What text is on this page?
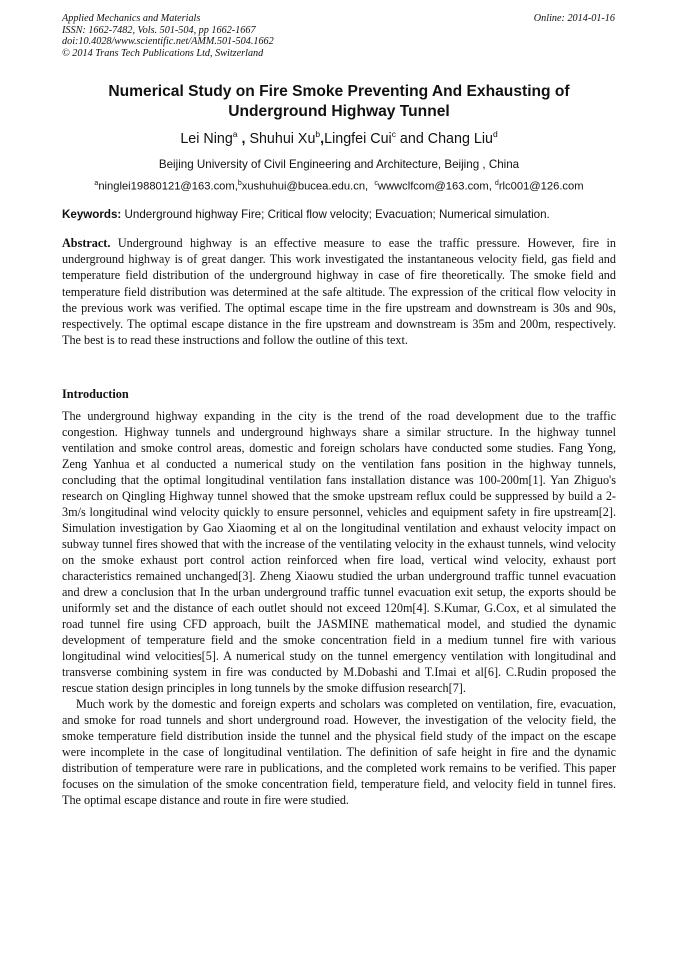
Applied Mechanics and Materials
ISSN: 1662-7482, Vols. 501-504, pp 1662-1667
doi:10.4028/www.scientific.net/AMM.501-504.1662
© 2014 Trans Tech Publications Ltd, Switzerland
Online: 2014-01-16
Numerical Study on Fire Smoke Preventing And Exhausting of Underground Highway Tunnel
Lei Ning$^a$ , Shuhui Xu$^b$,Lingfei Cui$^c$ and Chang Liu$^d$
Beijing University of Civil Engineering and Architecture, Beijing , China
$^a$ninglei19880121@163.com,$^b$xushuhui@bucea.edu.cn,  $^c$wwwclfcom@163.com, $^d$rlc001@126.com
Keywords: Underground highway Fire; Critical flow velocity; Evacuation; Numerical simulation.
Abstract. Underground highway is an effective measure to ease the traffic pressure. However, fire in underground highway is of great danger. This work investigated the instantaneous velocity field, gas field and temperature field distribution of the underground highway in case of fire theoretically. The smoke field and temperature field distribution was determined at the safe altitude. The expression of the critical flow velocity in the previous work was verified. The optimal escape time in the fire upstream and downstream is 30s and 90s, respectively. The optimal escape distance in the fire upstream and downstream is 35m and 200m, respectively. The best is to read these instructions and follow the outline of this text.
Introduction

The underground highway expanding in the city is the trend of the road development due to the traffic congestion. Highway tunnels and underground highways share a similar structure. In the highway tunnel ventilation and smoke control areas, domestic and foreign scholars have conducted some studies. Fang Yong, Zeng Yanhua et al conducted a numerical study on the ventilation fans position in the highway tunnels, concluding that the optimal longitudinal ventilation fans installation distance was 100-200m[1]. Yan Zhiguo's research on Qingling Highway tunnel showed that the smoke upstream reflux could be suppressed by build a 2-3m/s longitudinal wind velocity quickly to ensure personnel, vehicles and equipment safety in fire upstream[2]. Simulation investigation by Gao Xiaoming et al on the longitudinal ventilation and exhaust velocity impact on subway tunnel fires showed that with the increase of the ventilating velocity in the exhaust tunnels, wind velocity on the smoke exhaust port control action reinforced when fire load, vertical wind velocity, exhaust port characteristics remained unchanged[3]. Zheng Xiaowu studied the urban underground traffic tunnel evacuation and drew a conclusion that In the urban underground traffic tunnel evacuation exit setup, the exports should be uniformly set and the distance of each outlet should not exceed 120m[4]. S.Kumar, G.Cox, et al simulated the road tunnel fire using CFD approach, built the JASMINE mathematical model, and studied the dynamic development of temperature field and the smoke concentration field in a medium tunnel fire with various longitudinal wind velocities[5]. A numerical study on the tunnel emergency ventilation with longitudinal and transverse combining system in fire was conducted by M.Dobashi and T.Imai et al[6]. C.Rudin proposed the rescue station design principles in long tunnels by the smoke diffusion research[7].

Much work by the domestic and foreign experts and scholars was completed on ventilation, fire, evacuation, and smoke for road tunnels and short underground road. However, the investigation of the velocity field, the smoke temperature field distribution inside the tunnel and the physical field study of the impact on the escape were incomplete in the case of longitudinal ventilation. The definition of safe height in fire and the dynamic distribution of temperature were rare in publications, and the completed work remains to be verified. This paper focuses on the simulation of the smoke concentration field, temperature field, and velocity field in tunnel fires. The optimal escape distance and route in fire were studied.
